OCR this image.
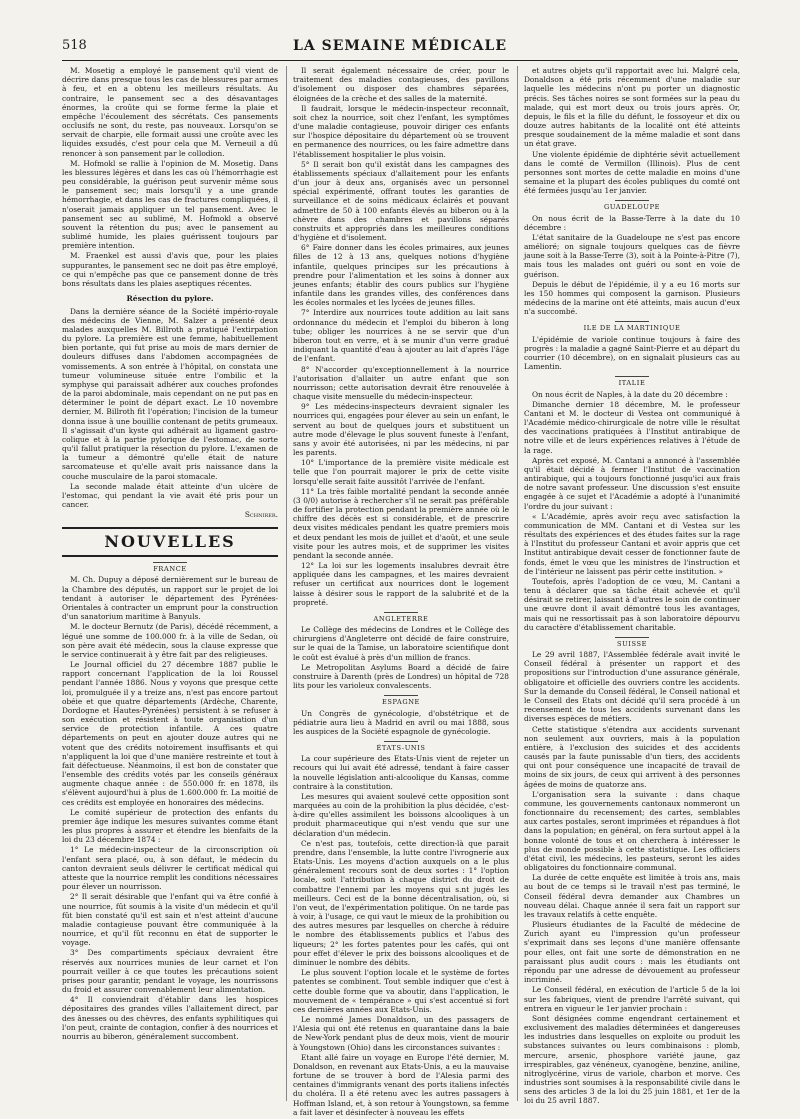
518	LA SEMAINE MÉDICALE

M. Mosetig a employé le pansement qu'il vient de décrire dans presque tous les cas de blessures par armes à feu, et en a obtenu les meilleurs résultats. Au contraire, le pansement sec a des désavantages énormes, la croûte qui se forme ferme la plaie et empêche l'écoulement des sécrétats. Ces pansements occlusifs ne sont, du reste, pas nouveaux. Lorsqu'on se servait de charpie, elle formait aussi une croûte avec les liquides exsudés, c'est pour cela que M. Verneuil a dû renoncer à son pansement par le collodion.

M. Hofmokl se rallie à l'opinion de M. Mosetig. Dans les blessures légères et dans les cas où l'hémorrhagie est peu considérable, la guérison peut survenir même sous le pansement sec; mais lorsqu'il y a une grande hémorrhagie, et dans les cas de fractures compliquées, il n'oserait jamais appliquer un tel pansement. Avec le pansement sec au sublimé, M. Hofmokl a observé souvent la rétention du pus; avec le pansement au sublimé humide, les plaies guérissent toujours par première intention.

M. Fraenkel est aussi d'avis que, pour les plaies suppurantes, le pansement sec ne doit pas être employé, ce qui n'empêche pas que ce pansement donne de très bons résultats dans les plaies aseptiques récentes.

Résection du pylore.

Dans la dernière séance de la Société império-royale des médecins de Vienne, M. Salzer a présenté deux malades auxquelles M. Billroth a pratiqué l'extirpation du pylore. La première est une femme, habituellement bien portante, qui fut prise au mois de mars dernier de douleurs diffuses dans l'abdomen accompagnées de vomissements. A son entrée à l'hôpital, on constata une tumeur volumineuse située entre l'ombilic et la symphyse qui paraissait adhérer aux couches profondes de la paroi abdominale, mais cependant on ne put pas en déterminer le point de départ exact. Le 10 novembre dernier, M. Billroth fit l'opération; l'incision de la tumeur donna issue à une bouillie contenant de petits grumeaux. Il s'agissait d'un kyste qui adhérait au ligament gastro-colique et à la partie pylorique de l'estomac, de sorte qu'il fallut pratiquer la résection du pylore. L'examen de la tumeur a démontré qu'elle était de nature sarcomateuse et qu'elle avait pris naissance dans la couche musculaire de la paroi stomacale.

La seconde malade était atteinte d'un ulcère de l'estomac, qui pendant la vie avait été pris pour un cancer.

Schnirer.
NOUVELLES
FRANCE

M. Ch. Dupuy a déposé dernièrement sur le bureau de la Chambre des députés, un rapport sur le projet de loi tendant à autoriser le département des Pyrénées-Orientales à contracter un emprunt pour la construction d'un sanatorium maritime à Banyuls.

M. le docteur Bernutz (de Paris), décédé récemment, a légué une somme de 100.000 fr. à la ville de Sedan, où son père avait été médecin, sous la clause expresse que le service continuerait à y être fait par des religieuses.

Le Journal officiel du 27 décembre 1887 publie le rapport concernant l'application de la loi Roussel pendant l'année 1886. Nous y voyons que presque cette loi, promulguée il y a treize ans, n'est pas encore partout obéie et que quatre départements (Ardèche, Charente, Dordogne et Hautes-Pyrénées) persistent à se refuser à son exécution et résistent à toute organisation d'un service de protection infantile. A ces quatre départements on peut en ajouter douze autres qui ne votent que des crédits notoirement insuffisants et qui n'appliquent la loi que d'une manière restreinte et tout à fait défectueuse. Néanmoins, il est bon de constater que l'ensemble des crédits votés par les conseils généraux augmente chaque année : de 550.000 fr. en 1878, ils s'élèvent aujourd'hui à plus de 1.600.000 fr. La moitié de ces crédits est employée en honoraires des médecins.

Le comité supérieur de protection des enfants du premier âge indique les mesures suivantes comme étant les plus propres à assurer et étendre les bienfaits de la loi du 23 décembre 1874 :

1° Le médecin-inspecteur de la circonscription où l'enfant sera placé, ou, à son défaut, le médecin du canton devraient seuls délivrer le certificat médical qui atteste que la nourrice remplit les conditions nécessaires pour élever un nourrisson.

2° Il serait désirable que l'enfant qui va être confié à une nourrice, fût soumis à la visite d'un médecin et qu'il fût bien constaté qu'il est sain et n'est atteint d'aucune maladie contagieuse pouvant être communiquée à la nourrice, et qu'il fût reconnu en état de supporter le voyage.

3° Des compartiments spéciaux devraient être réservés aux nourrices munies de leur carnet et l'on pourrait veiller à ce que toutes les précautions soient prises pour garantir, pendant le voyage, les nourrissons du froid et assurer convenablement leur alimentation.

4° Il conviendrait d'établir dans les hospices dépositaires des grandes villes l'allaitement direct, par des ânesses ou des chèvres, des enfants syphilitiques qui l'on peut, crainte de contagion, confier à des nourrices et nourris au biberon, généralement succombent.

Il serait également nécessaire de créer, pour le traitement des maladies contagieuses, des pavillons d'isolement ou disposer des chambres séparées, éloignées de la crèche et des salles de la maternité.

Il faudrait, lorsque le médecin-inspecteur reconnaît, soit chez la nourrice, soit chez l'enfant, les symptômes d'une maladie contagieuse, pouvoir diriger ces enfants sur l'hospice dépositaire du département où se trouvent en permanence des nourrices, ou les faire admettre dans l'établissement hospitalier le plus voisin.

5° Il serait bon qu'il existât dans les campagnes des établissements spéciaux d'allaitement pour les enfants d'un jour à deux ans, organisés avec un personnel spécial expérimenté, offrant toutes les garanties de surveillance et de soins médicaux éclairés et pouvant admettre de 50 à 100 enfants élevés au biberon ou à la chèvre dans des chambres et pavillons séparés construits et appropriés dans les meilleures conditions d'hygiène et d'isolement.

6° Faire donner dans les écoles primaires, aux jeunes filles de 12 à 13 ans, quelques notions d'hygiène infantile, quelques principes sur les précautions à prendre pour l'alimentation et les soins à donner aux jeunes enfants; établir des cours publics sur l'hygiène infantile dans les grandes villes, des conférences dans les écoles normales et les lycées de jeunes filles.

7° Interdire aux nourrices toute addition au lait sans ordonnance du médecin et l'emploi du biberon à long tube; obliger les nourrices à ne se servir que d'un biberon tout en verre, et à se munir d'un verre gradué indiquant la quantité d'eau à ajouter au lait d'après l'âge de l'enfant.

8° N'accorder qu'exceptionnellement à la nourrice l'autorisation d'allaiter un autre enfant que son nourrisson; cette autorisation devrait être renouvelée à chaque visite mensuelle du médecin-inspecteur.

9° Les médecins-inspecteurs devraient signaler les nourrices qui, engagées pour élever au sein un enfant, le servent au bout de quelques jours et substituent un autre mode d'élevage le plus souvent funeste à l'enfant, sans y avoir été autorisées, ni par les médecins, ni par les parents.

10° L'importance de la première visite médicale est telle que l'on pourrait majorer le prix de cette visite lorsqu'elle serait faite aussitôt l'arrivée de l'enfant.

11° La très faible mortalité pendant la seconde année (3 0/0) autorise à rechercher s'il ne serait pas préférable de fortifier la protection pendant la première année où le chiffre des décès est si considérable, et de prescrire deux visites médicales pendant les quatre premiers mois et deux pendant les mois de juillet et d'août, et une seule visite pour les autres mois, et de supprimer les visites pendant la seconde année.

12° La loi sur les logements insalubres devrait être appliquée dans les campagnes, et les maires devraient refuser un certificat aux nourrices dont le logement laisse à désirer sous le rapport de la salubrité et de la propreté.

ANGLETERRE

Le Collège des médecins de Londres et le Collège des chirurgiens d'Angleterre ont décidé de faire construire, sur le quai de la Tamise, un laboratoire scientifique dont le coût est évalué à près d'un million de francs.

Le Metropolitan Asylums Board a décidé de faire construire à Darenth (près de Londres) un hôpital de 728 lits pour les varioleux convalescents.

ESPAGNE

Un Congrès de gynécologie, d'obstétrique et de pédiatrie aura lieu à Madrid en avril ou mai 1888, sous les auspices de la Société espagnole de gynécologie.

ÉTATS-UNIS

La cour supérieure des Etats-Unis vient de rejeter un recours qui lui avait été adressé, tendant à faire casser la nouvelle législation anti-alcoolique du Kansas, comme contraire à la constitution.

Les mesures qui avaient soulevé cette opposition sont marquées au coin de la prohibition la plus décidée, c'est-à-dire qu'elles assimilent les boissons alcooliques à un produit pharmaceutique qui n'est vendu que sur une déclaration d'un médecin.

Ce n'est pas, toutefois, cette direction-là que parait prendre, dans l'ensemble, la lutte contre l'ivrognerie aux Etats-Unis. Les moyens d'action auxquels on a le plus généralement recours sont de deux sortes : 1° l'option locale, soit l'attribution à chaque district du droit de combattre l'ennemi par les moyens qui s.nt jugés les meilleurs. Ceci est de la bonne décentralisation, où, si l'on veut, de l'expérimentation politique. On ne tarde pas à voir, à l'usage, ce qui vaut le mieux de la prohibition ou des autres mesures par lesquelles on cherche à réduire le nombre des établissements publics et l'abus des liqueurs; 2° les fortes patentes pour les cafés, qui ont pour effet d'élever le prix des boissons alcooliques et de diminuer le nombre des débits.

Le plus souvent l'option locale et le système de fortes patentes se combinent. Tout semble indiquer que c'est à cette double forme que va aboutir, dans l'application, le mouvement de « tempérance » qui s'est accentué si fort ces dernières années aux Etats-Unis.

Le nommé James Donaldson, un des passagers de l'Alesia qui ont été retenus en quarantaine dans la baie de New-York pendant plus de deux mois, vient de mourir à Youngstown (Ohio) dans les circonstances suivantes :

Etant allé faire un voyage en Europe l'été dernier, M. Donaldson, en revenant aux Etats-Unis, a eu la mauvaise fortune de se trouver à bord de l'Alesia parmi des centaines d'immigrants venant des ports italiens infectés du choléra. Il a été retenu avec les autres passagers à Hoffman Island, et, à son retour à Youngstown, sa femme a fait laver et désinfecter à nouveau les effets

et autres objets qu'il rapportait avec lui. Malgré cela, Donaldson a été pris récemment d'une maladie sur laquelle les médecins n'ont pu porter un diagnostic précis. Ses tâches noires se sont formées sur la peau du malade, qui est mort deux ou trois jours après. Or, depuis, le fils et la fille du défunt, le fossoyeur et dix ou douze autres habitants de la localité ont été atteints presque soudainement de la même maladie et sont dans un état grave.

Une violente épidémie de diphtérie sévit actuellement dans le comté de Vermillon (Illinois). Plus de cent personnes sont mortes de cette maladie en moins d'une semaine et la plupart des écoles publiques du comté ont été fermées jusqu'au 1er janvier.

GUADELOUPE

On nous écrit de la Basse-Terre à la date du 10 décembre :

L'état sanitaire de la Guadeloupe ne s'est pas encore amélioré; on signale toujours quelques cas de fièvre jaune soit à la Basse-Terre (3), soit à la Pointe-à-Pitre (7), mais tous les malades ont guéri ou sont en voie de guérison.

Depuis le début de l'épidémie, il y a eu 16 morts sur les 150 hommes qui composent la garnison. Plusieurs médecins de la marine ont été atteints, mais aucun d'eux n'a succombé.

ILE DE LA MARTINIQUE

L'épidémie de variole continue toujours à faire des progrès : la maladie a gagné Saint-Pierre et au départ du courrier (10 décembre), on en signalait plusieurs cas au Lamentin.

ITALIE

On nous écrit de Naples, à la date du 20 décembre :

Dimanche dernier 18 décembre, M. le professeur Cantani et M. le docteur di Vestea ont communiqué à l'Académie médico-chirurgicale de notre ville le résultat des vaccinations pratiquées à l'Institut antirabique de notre ville et de leurs expériences relatives à l'étude de la rage.

Après cet exposé, M. Cantani a annoncé à l'assemblée qu'il était décidé à fermer l'Institut de vaccination antirabique, qui a toujours fonctionné jusqu'ici aux frais de notre savant professeur. Une discussion s'est ensuite engagée à ce sujet et l'Académie a adopté à l'unanimité l'ordre du jour suivant :

« L'Académie, après avoir reçu avec satisfaction la communication de MM. Cantani et di Vestea sur les résultats des expériences et des études faites sur la rage à l'Institut du professeur Cantani et avoir appris que cet Institut antirabique devait cesser de fonctionner faute de fonds, émet le vœu que les ministres de l'instruction et de l'intérieur ne laissent pas périr cette institution. »

Toutefois, après l'adoption de ce vœu, M. Cantani a tenu à déclarer que sa tâche était achevée et qu'il désirait se retirer, laissant à d'autres le soin de continuer une œuvre dont il avait démontré tous les avantages, mais qui ne ressortissait pas à son laboratoire dépourvu du caractère d'établissement charitable.

SUISSE

Le 29 avril 1887, l'Assemblée fédérale avait invité le Conseil fédéral à présenter un rapport et des propositions sur l'introduction d'une assurance générale, obligatoire et officielle des ouvriers contre les accidents. Sur la demande du Conseil fédéral, le Conseil national et le Conseil des Etats ont décidé qu'il sera procédé à un recensement de tous les accidents survenant dans les diverses espèces de métiers.

Cette statistique s'étendra aux accidents survenant non seulement aux ouvriers, mais à la population entière, à l'exclusion des suicides et des accidents causés par la faute punissable d'un tiers, des accidents qui ont pour conséquence une incapacité de travail de moins de six jours, de ceux qui arrivent à des personnes âgées de moins de quatorze ans.

L'organisation sera la suivante : dans chaque commune, les gouvernements cantonaux nommeront un fonctionnaire du recensement; des cartes, semblables aux cartes postales, seront imprimées et répandues à flot dans la population; en général, on fera surtout appel à la bonne volonté de tous et on cherchera à intéresser le plus de monde possible à cette statistique. Les officiers d'état civil, les médecins, les pasteurs, seront les aides obligatoires du fonctionnaire communal.

La durée de cette enquête est limitée à trois ans, mais au bout de ce temps si le travail n'est pas terminé, le Conseil fédéral devra demander aux Chambres un nouveau délai. Chaque année il sera fait un rapport sur les travaux relatifs à cette enquête.

Plusieurs étudiantes de la Faculté de médecine de Zurich ayant eu l'impression qu'un professeur s'exprimait dans ses leçons d'une manière offensante pour elles, ont fait une sorte de démonstration en ne paraissant plus audit cours : mais les étudiants ont répondu par une adresse de dévouement au professeur incriminé.

Le Conseil fédéral, en exécution de l'article 5 de la loi sur les fabriques, vient de prendre l'arrêté suivant, qui entrera en vigueur le 1er janvier prochain :

Sont désignées comme engendrant certainement et exclusivement des maladies déterminées et dangereuses les industries dans lesquelles on exploite ou produit les substances suivantes ou leurs combinaisons : plomb, mercure, arsenic, phosphore variété jaune, gaz irrespirables, gaz vénéneux, cyanogène, benzine, aniline, nitroglycérine, virus de variole, charbon et morve. Ces industries sont soumises à la responsabilité civile dans le sens des articles 3 de la loi du 25 juin 1881, et 1er de la loi du 25 avril 1887.
